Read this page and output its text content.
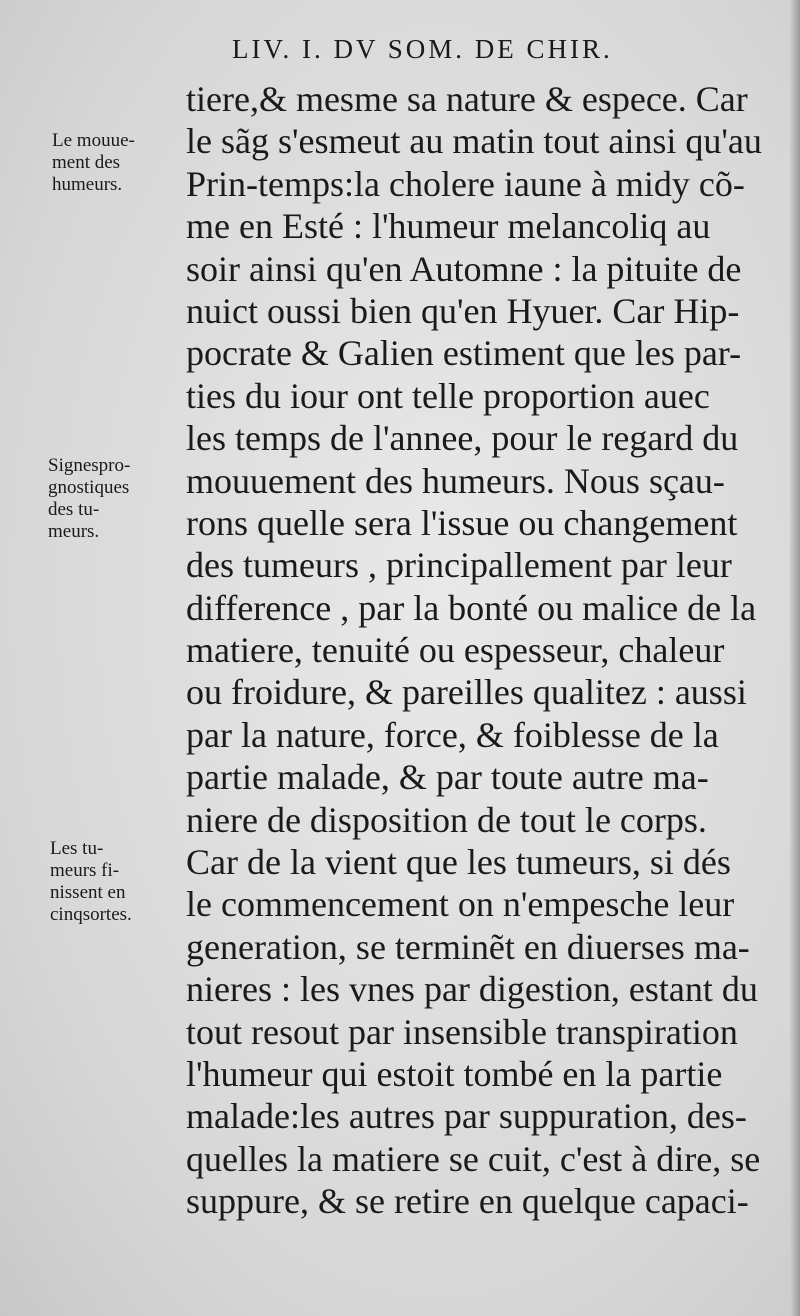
LIV. I. DV SOM. DE CHIR.
Le mouue-
ment des
humeurs.
Signespro-
gnostiques
des tu-
meurs.
Les tu-
meurs fi-
nissent en
cinqsortes.
tiere,& mesme sa nature & espece. Car
le sãg s'esmeut au matin tout ainsi qu'au
Prin-temps:la cholere iaune à midy cõ-
me en Esté : l'humeur melancoliq au
soir ainsi qu'en Automne : la pituite de
nuict oussi bien qu'en Hyuer. Car Hip-
pocrate & Galien estiment que les par-
ties du iour ont telle proportion auec
les temps de l'annee, pour le regard du
mouuement des humeurs. Nous sçau-
rons quelle sera l'issue ou changement
des tumeurs , principallement par leur
difference , par la bonté ou malice de la
matiere, tenuité ou espesseur, chaleur
ou froidure, & pareilles qualitez : aussi
par la nature, force, & foiblesse de la
partie malade, & par toute autre ma-
niere de disposition de tout le corps.
Car de la vient que les tumeurs, si dés
le commencement on n'empesche leur
generation, se terminẽt en diuerses ma-
nieres : les vnes par digestion, estant du
tout resout par insensible transpiration
l'humeur qui estoit tombé en la partie
malade:les autres par suppuration, des-
quelles la matiere se cuit, c'est à dire, se
suppure, & se retire en quelque capaci-
